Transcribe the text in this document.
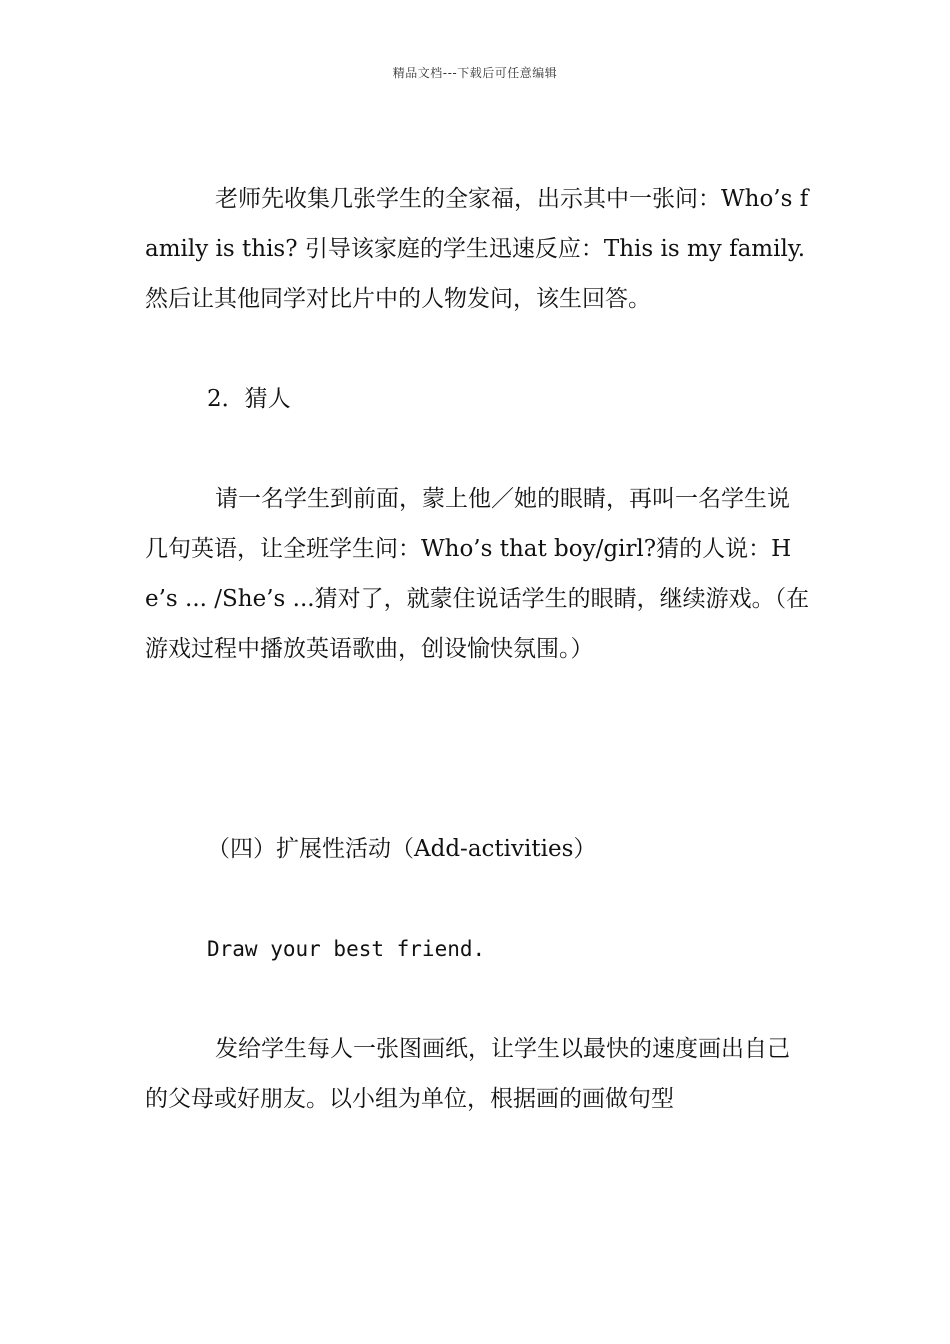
精品文档---下载后可任意编辑

老师先收集几张学生的全家福，出示其中一张问：Who’s family is this? 引导该家庭的学生迅速反应：This is my family.然后让其他同学对比片中的人物发问，该生回答。

2．猜人

请一名学生到前面，蒙上他／她的眼睛，再叫一名学生说几句英语，让全班学生问：Who’s that boy/girl?猜的人说：He’s ... /She’s ...猜对了，就蒙住说话学生的眼睛，继续游戏。（在游戏过程中播放英语歌曲，创设愉快氛围。）

（四）扩展性活动（Add-activities）

Draw your best friend.

发给学生每人一张图画纸，让学生以最快的速度画出自己的父母或好朋友。以小组为单位，根据画的画做句型
